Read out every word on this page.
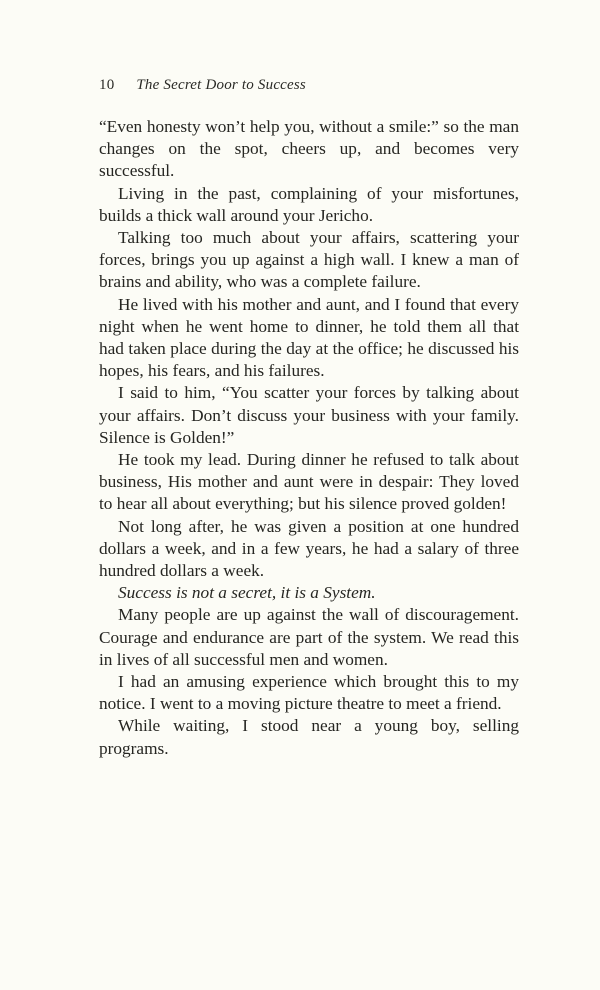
10 The Secret Door to Success

“Even honesty won’t help you, without a smile:” so the man changes on the spot, cheers up, and becomes very successful.

Living in the past, complaining of your misfortunes, builds a thick wall around your Jericho.

Talking too much about your affairs, scattering your forces, brings you up against a high wall. I knew a man of brains and ability, who was a complete failure.

He lived with his mother and aunt, and I found that every night when he went home to dinner, he told them all that had taken place during the day at the office; he discussed his hopes, his fears, and his failures.

I said to him, “You scatter your forces by talking about your affairs. Don’t discuss your business with your family. Silence is Golden!”

He took my lead. During dinner he refused to talk about business, His mother and aunt were in despair: They loved to hear all about everything; but his silence proved golden!

Not long after, he was given a position at one hundred dollars a week, and in a few years, he had a salary of three hundred dollars a week.

Success is not a secret, it is a System.

Many people are up against the wall of discouragement. Courage and endurance are part of the system. We read this in lives of all successful men and women.

I had an amusing experience which brought this to my notice. I went to a moving picture theatre to meet a friend.

While waiting, I stood near a young boy, selling programs.
